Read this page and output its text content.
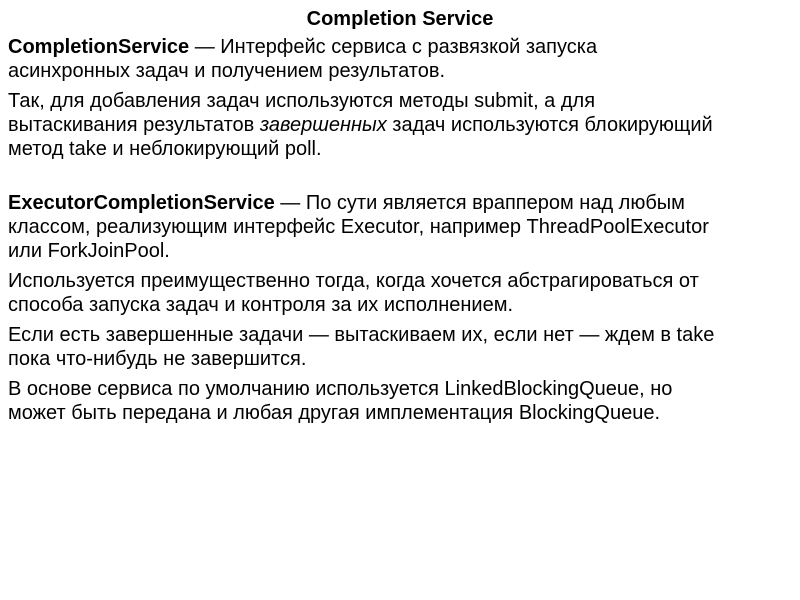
Completion Service
CompletionService — Интерфейс сервиса с развязкой запуска
асинхронных задач и получением результатов.
Так, для добавления задач используются методы submit, а для
вытаскивания результатов завершенных задач используются блокирующий
метод take и неблокирующий poll.
ExecutorCompletionService — По сути является враппером над любым
классом, реализующим интерфейс Executor, например ThreadPoolExecutor
или ForkJoinPool.
Используется преимущественно тогда, когда хочется абстрагироваться от
способа запуска задач и контроля за их исполнением.
Если есть завершенные задачи — вытаскиваем их, если нет — ждем в take
пока что-нибудь не завершится.
В основе сервиса по умолчанию используется LinkedBlockingQueue, но
может быть передана и любая другая имплементация BlockingQueue.
